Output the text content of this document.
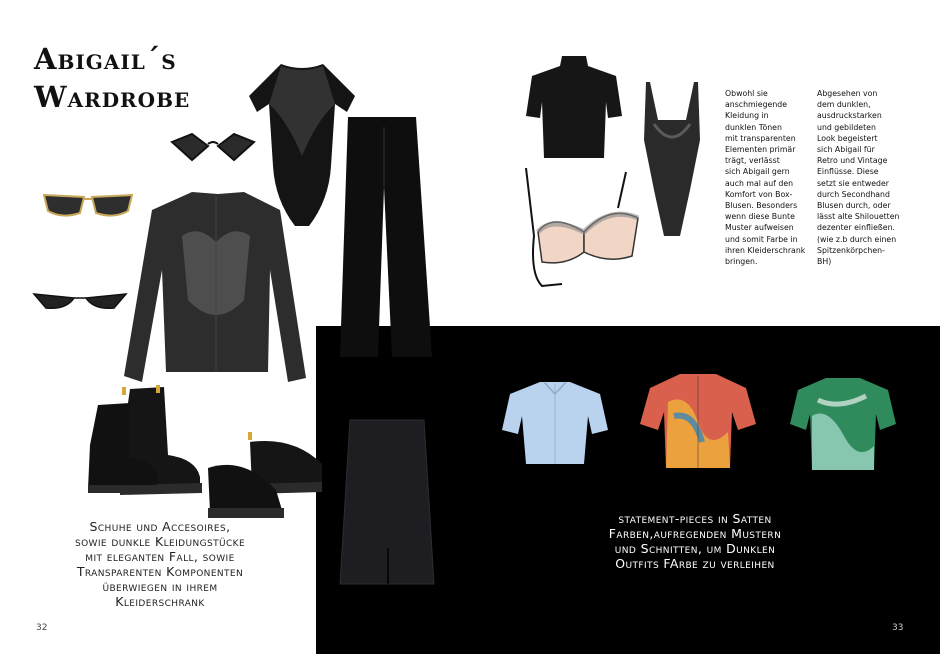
Abigail´s
Wardrobe	Obwohl sie
anschmiegende
Kleidung in
dunklen Tönen
mit transparenten
Elementen primär
trägt, verlässt
sich Abigail gern
auch mal auf den
Komfort von Box-
Blusen. Besonders
wenn diese Bunte
Muster aufweisen
und somit Farbe in
ihren Kleiderschrank
bringen.
Abgesehen von
dem dunklen,
ausdruckstarken
und gebildeten
Look begeistert
sich Abigail für
Retro und Vintage
Einflüsse. Diese
setzt sie entweder
durch Secondhand
Blusen durch, oder
lässt alte Shilouetten
dezenter einfließen.
(wie z.b durch einen
Spitzenkörpchen-
BH)
Schuhe und Accesoires,
sowie dunkle Kleidungstücke
mit eleganten Fall, sowie
Transparenten Komponenten
überwiegen in ihrem
Kleiderschrank
statement-pieces in Satten
Farben,aufregenden Mustern
und Schnitten, um Dunklen
Outfits FArbe zu verleihen
32	33
